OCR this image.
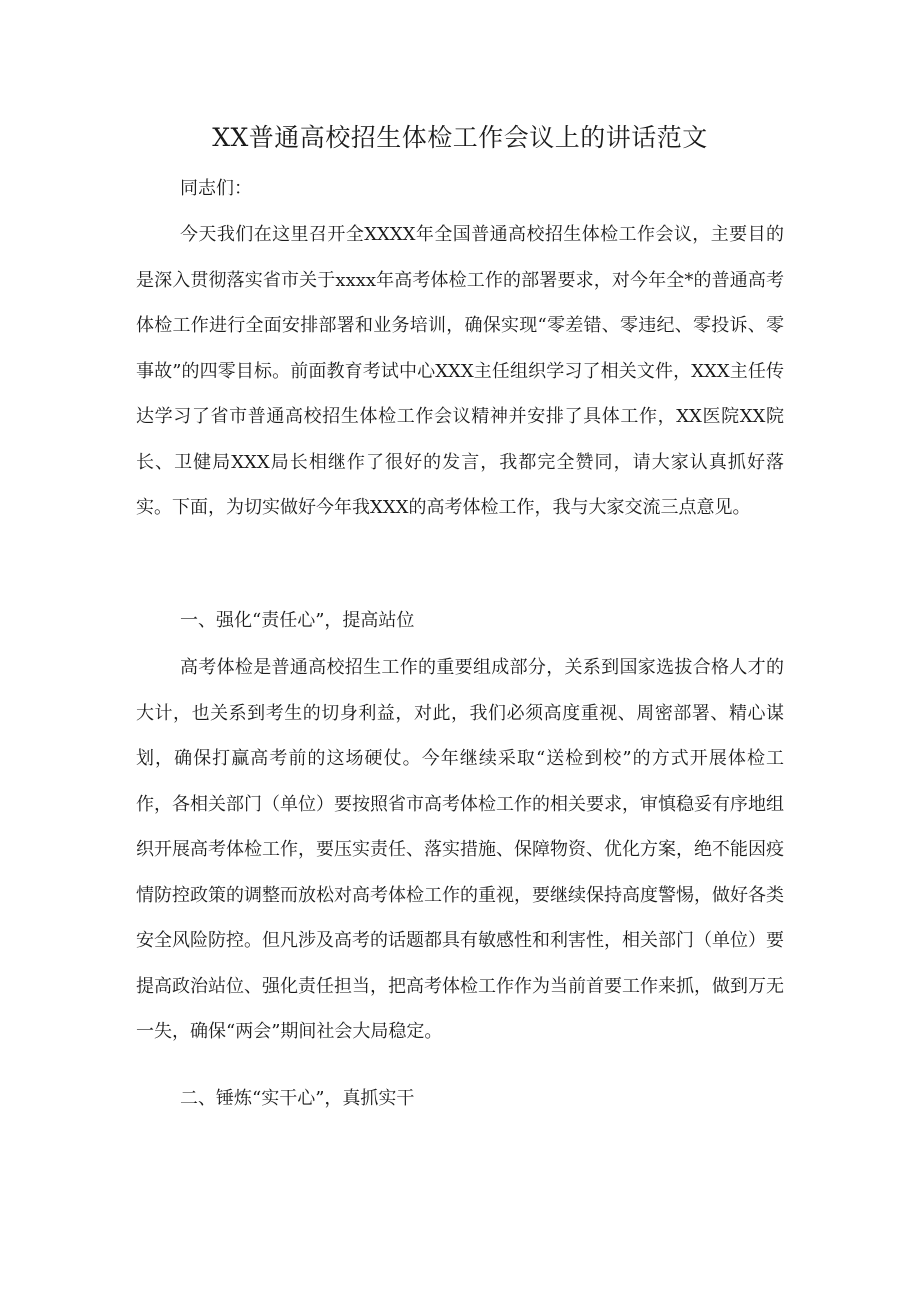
XX普通高校招生体检工作会议上的讲话范文

同志们：

今天我们在这里召开全XXXX年全国普通高校招生体检工作会议，主要目的是深入贯彻落实省市关于xxxx年高考体检工作的部署要求，对今年全*的普通高考体检工作进行全面安排部署和业务培训，确保实现“零差错、零违纪、零投诉、零事故”的四零目标。前面教育考试中心XXX主任组织学习了相关文件，XXX主任传达学习了省市普通高校招生体检工作会议精神并安排了具体工作，XX医院XX院长、卫健局XXX局长相继作了很好的发言，我都完全赞同，请大家认真抓好落实。下面，为切实做好今年我XXX的高考体检工作，我与大家交流三点意见。

一、强化“责任心”，提高站位

高考体检是普通高校招生工作的重要组成部分，关系到国家选拔合格人才的大计，也关系到考生的切身利益，对此，我们必须高度重视、周密部署、精心谋划，确保打赢高考前的这场硬仗。今年继续采取“送检到校”的方式开展体检工作，各相关部门（单位）要按照省市高考体检工作的相关要求，审慎稳妥有序地组织开展高考体检工作，要压实责任、落实措施、保障物资、优化方案，绝不能因疫情防控政策的调整而放松对高考体检工作的重视，要继续保持高度警惕，做好各类安全风险防控。但凡涉及高考的话题都具有敏感性和利害性，相关部门（单位）要提高政治站位、强化责任担当，把高考体检工作作为当前首要工作来抓，做到万无一失，确保“两会”期间社会大局稳定。

二、锤炼“实干心”，真抓实干
